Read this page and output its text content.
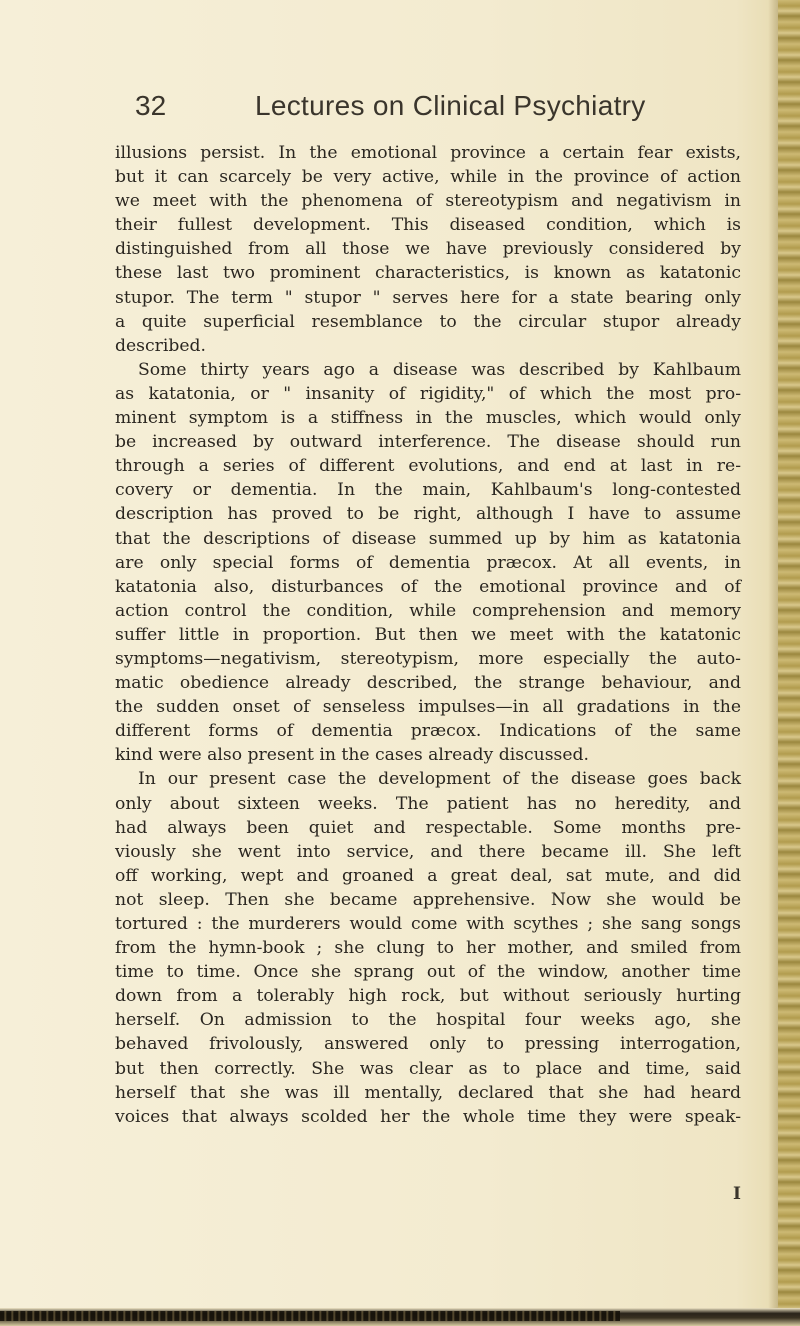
32	Lectures on Clinical Psychiatry
illusions persist. In the emotional province a certain fear exists,
but it can scarcely be very active, while in the province of action
we meet with the phenomena of stereotypism and negativism in
their fullest development. This diseased condition, which is
distinguished from all those we have previously considered by
these last two prominent characteristics, is known as katatonic
stupor. The term " stupor " serves here for a state bearing only
a quite superficial resemblance to the circular stupor already
described.
Some thirty years ago a disease was described by Kahlbaum
as katatonia, or " insanity of rigidity," of which the most pro-
minent symptom is a stiffness in the muscles, which would only
be increased by outward interference. The disease should run
through a series of different evolutions, and end at last in re-
covery or dementia. In the main, Kahlbaum's long-contested
description has proved to be right, although I have to assume
that the descriptions of disease summed up by him as katatonia
are only special forms of dementia præcox. At all events, in
katatonia also, disturbances of the emotional province and of
action control the condition, while comprehension and memory
suffer little in proportion. But then we meet with the katatonic
symptoms—negativism, stereotypism, more especially the auto-
matic obedience already described, the strange behaviour, and
the sudden onset of senseless impulses—in all gradations in the
different forms of dementia præcox. Indications of the same
kind were also present in the cases already discussed.
In our present case the development of the disease goes back
only about sixteen weeks. The patient has no heredity, and
had always been quiet and respectable. Some months pre-
viously she went into service, and there became ill. She left
off working, wept and groaned a great deal, sat mute, and did
not sleep. Then she became apprehensive. Now she would be
tortured : the murderers would come with scythes ; she sang songs
from the hymn-book ; she clung to her mother, and smiled from
time to time. Once she sprang out of the window, another time
down from a tolerably high rock, but without seriously hurting
herself. On admission to the hospital four weeks ago, she
behaved frivolously, answered only to pressing interrogation,
but then correctly. She was clear as to place and time, said
herself that she was ill mentally, declared that she had heard
voices that always scolded her the whole time they were speak-
I
